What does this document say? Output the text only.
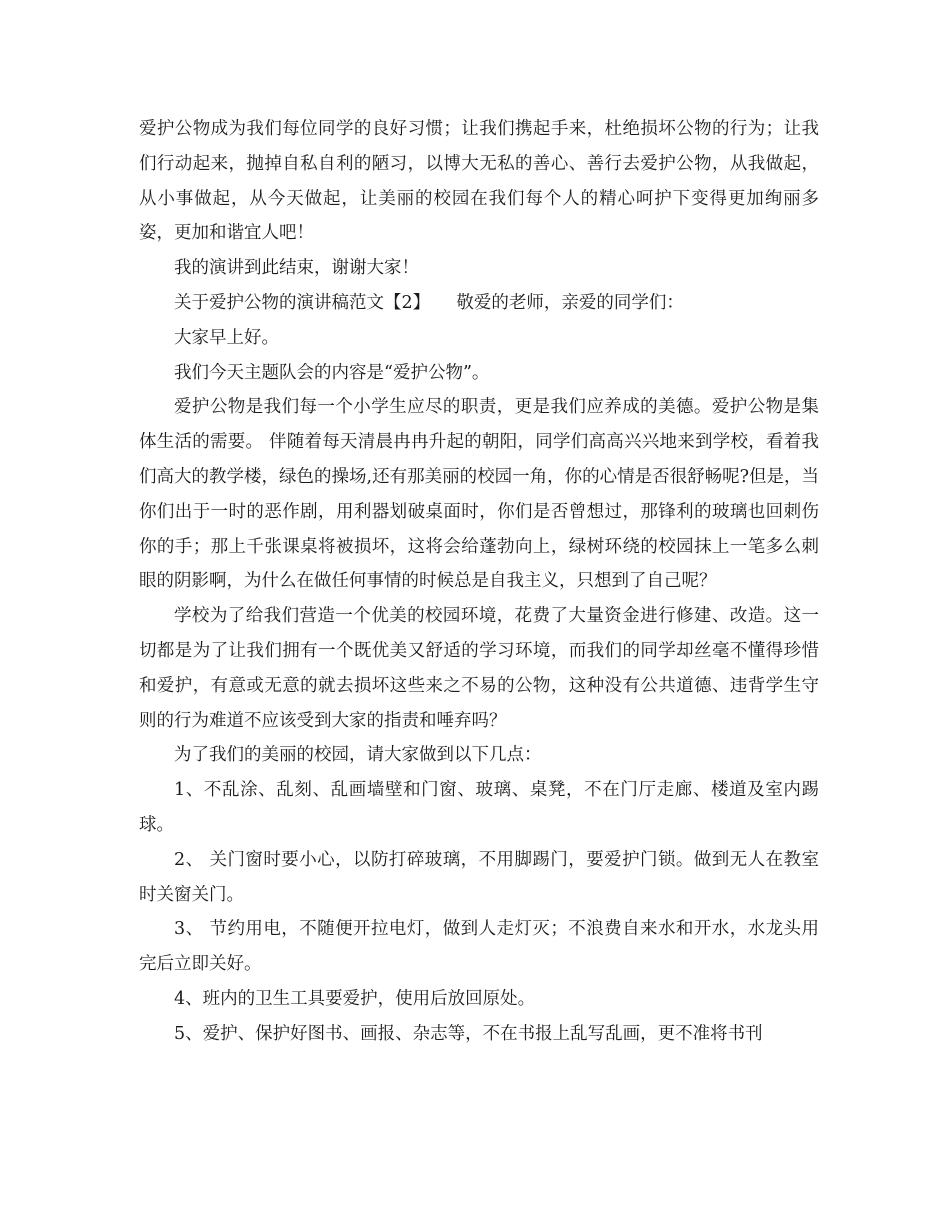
爱护公物成为我们每位同学的良好习惯；让我们携起手来，杜绝损坏公物的行为；让我们行动起来，抛掉自私自利的陋习，以博大无私的善心、善行去爱护公物，从我做起，从小事做起，从今天做起，让美丽的校园在我们每个人的精心呵护下变得更加绚丽多姿，更加和谐宜人吧！

我的演讲到此结束，谢谢大家！

关于爱护公物的演讲稿范文【2】　　敬爱的老师，亲爱的同学们：

大家早上好。

我们今天主题队会的内容是“爱护公物”。

爱护公物是我们每一个小学生应尽的职责，更是我们应养成的美德。爱护公物是集体生活的需要。 伴随着每天清晨冉冉升起的朝阳，同学们高高兴兴地来到学校，看着我们高大的教学楼，绿色的操场,还有那美丽的校园一角，你的心情是否很舒畅呢?但是，当你们出于一时的恶作剧，用利器划破桌面时，你们是否曾想过，那锋利的玻璃也回刺伤你的手；那上千张课桌将被损坏，这将会给蓬勃向上，绿树环绕的校园抹上一笔多么刺眼的阴影啊，为什么在做任何事情的时候总是自我主义，只想到了自己呢？

学校为了给我们营造一个优美的校园环境，花费了大量资金进行修建、改造。这一切都是为了让我们拥有一个既优美又舒适的学习环境，而我们的同学却丝毫不懂得珍惜和爱护，有意或无意的就去损坏这些来之不易的公物，这种没有公共道德、违背学生守则的行为难道不应该受到大家的指责和唾弃吗？

为了我们的美丽的校园，请大家做到以下几点：

1、不乱涂、乱刻、乱画墙壁和门窗、玻璃、桌凳，不在门厅走廊、楼道及室内踢球。

2、 关门窗时要小心，以防打碎玻璃，不用脚踢门，要爱护门锁。做到无人在教室时关窗关门。

3、 节约用电，不随便开拉电灯，做到人走灯灭；不浪费自来水和开水，水龙头用完后立即关好。

4、班内的卫生工具要爱护，使用后放回原处。

5、爱护、保护好图书、画报、杂志等，不在书报上乱写乱画，更不准将书刊
